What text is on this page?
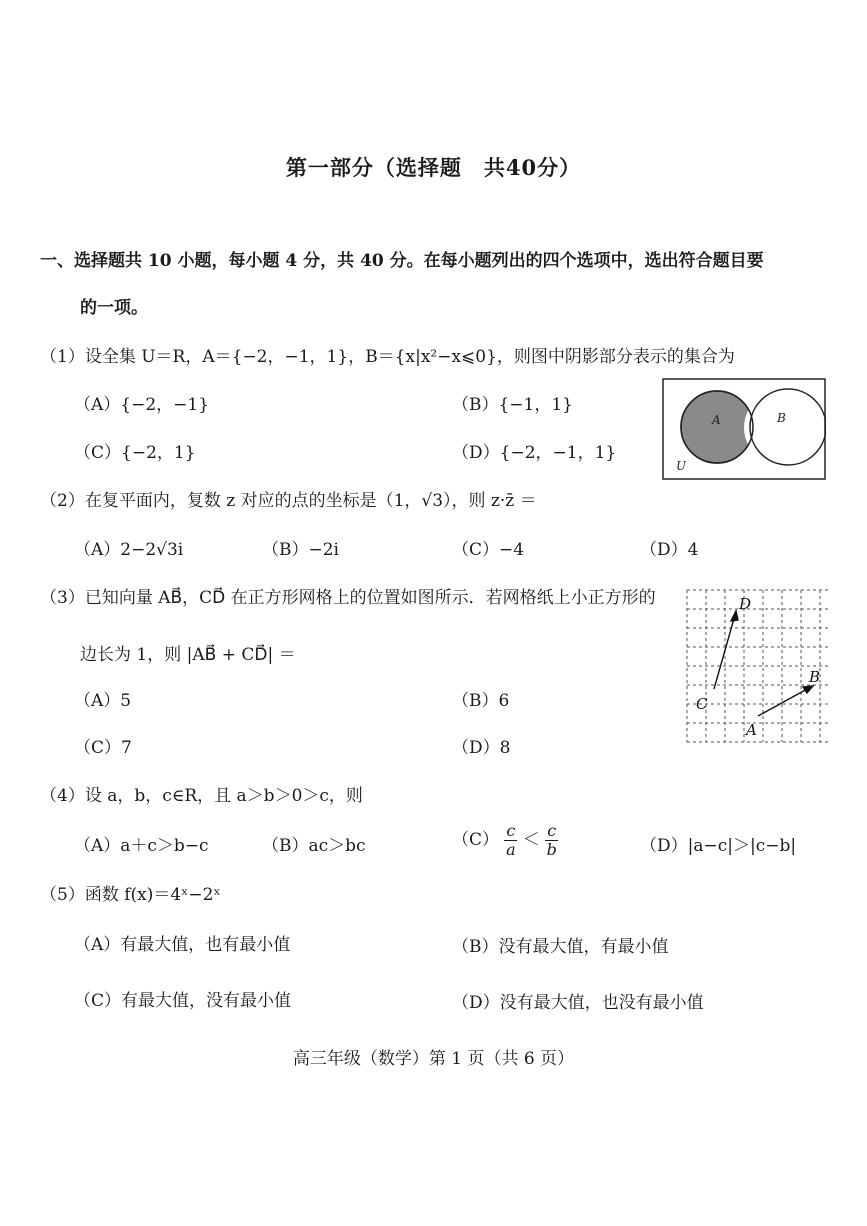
第一部分（选择题　共40分）
一、选择题共 10 小题，每小题 4 分，共 40 分。在每小题列出的四个选项中，选出符合题目要
的一项。
（1）设全集 U＝R，A＝{−2，−1，1}，B＝{x|x²−x⩽0}，则图中阴影部分表示的集合为
（A）{−2，−1}	（B）{−1，1}
（C）{−2，1}	（D）{−2，−1，1}
A	B
U
（2）在复平面内，复数 z 对应的点的坐标是（1，√3），则 z·z̄ ＝
（A）2−2√3i	（B）−2i	（C）−4	（D）4
（3）已知向量 AB⃗，CD⃗ 在正方形网格上的位置如图所示．若网格纸上小正方形的
边长为 1，则 |AB⃗ + CD⃗| ＝
（A）5	（B）6
（C）7	（D）8
D
C
B
A
（4）设 a，b，c∈R，且 a＞b＞0＞c，则
（A）a＋c＞b−c	（B）ac＞bc	$(C) \frac{c}{a} < \frac{c}{b}$	（D）|a−c|＞|c−b|
（5）函数 f(x)＝4ˣ−2ˣ
（A）有最大值，也有最小值	（B）没有最大值，有最小值
（C）有最大值，没有最小值	（D）没有最大值，也没有最小值
高三年级（数学）第 1 页（共 6 页）
